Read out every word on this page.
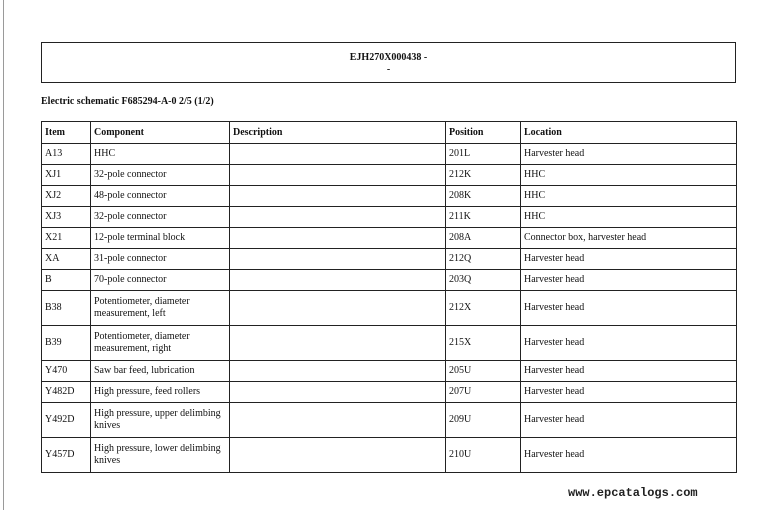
EJH270X000438 -
-
Electric schematic F685294-A-0 2/5 (1/2)
Item	Component	Description	Position	Location
A13	HHC		201L	Harvester head
XJ1	32-pole connector		212K	HHC
XJ2	48-pole connector		208K	HHC
XJ3	32-pole connector		211K	HHC
X21	12-pole terminal block		208A	Connector box, harvester head
XA	31-pole connector		212Q	Harvester head
B	70-pole connector		203Q	Harvester head
B38	Potentiometer, diameter measurement, left		212X	Harvester head
B39	Potentiometer, diameter measurement, right		215X	Harvester head
Y470	Saw bar feed, lubrication		205U	Harvester head
Y482D	High pressure, feed rollers		207U	Harvester head
Y492D	High pressure, upper delimbing knives		209U	Harvester head
Y457D	High pressure, lower delimbing knives		210U	Harvester head
www.epcatalogs.com
